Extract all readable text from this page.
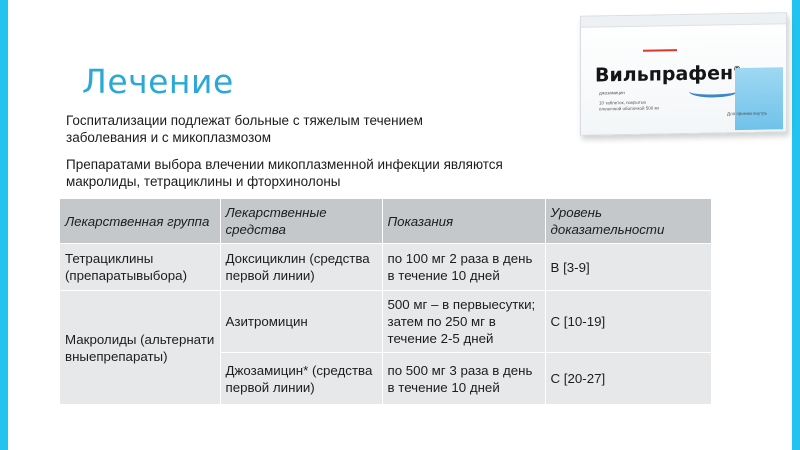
Лечение
Госпитализации подлежат больные с тяжелым течением заболевания и с микоплазмозом
Препаратами выбора влечении микоплазменной инфекции являются макролиды, тетрациклины и фторхинолоны
Вильпрафен
джозамицин
10 таблеток, покрытых пленочной оболочкой 500 мг
Для приема внутрь
Лекарственная группа	Лекарственные средства	Показания	Уровень доказательности
Тетрациклины (препаратывыбора)	Доксициклин (средства первой линии)	по 100 мг 2 раза в день в течение 10 дней	B [3-9]
Макролиды (альтернативныепрепараты)	Азитромицин	500 мг – в первыесутки; затем по 250 мг в течение 2-5 дней	C [10-19]
	Джозамицин* (средства первой линии)	по 500 мг 3 раза в день в течение 10 дней	C [20-27]
